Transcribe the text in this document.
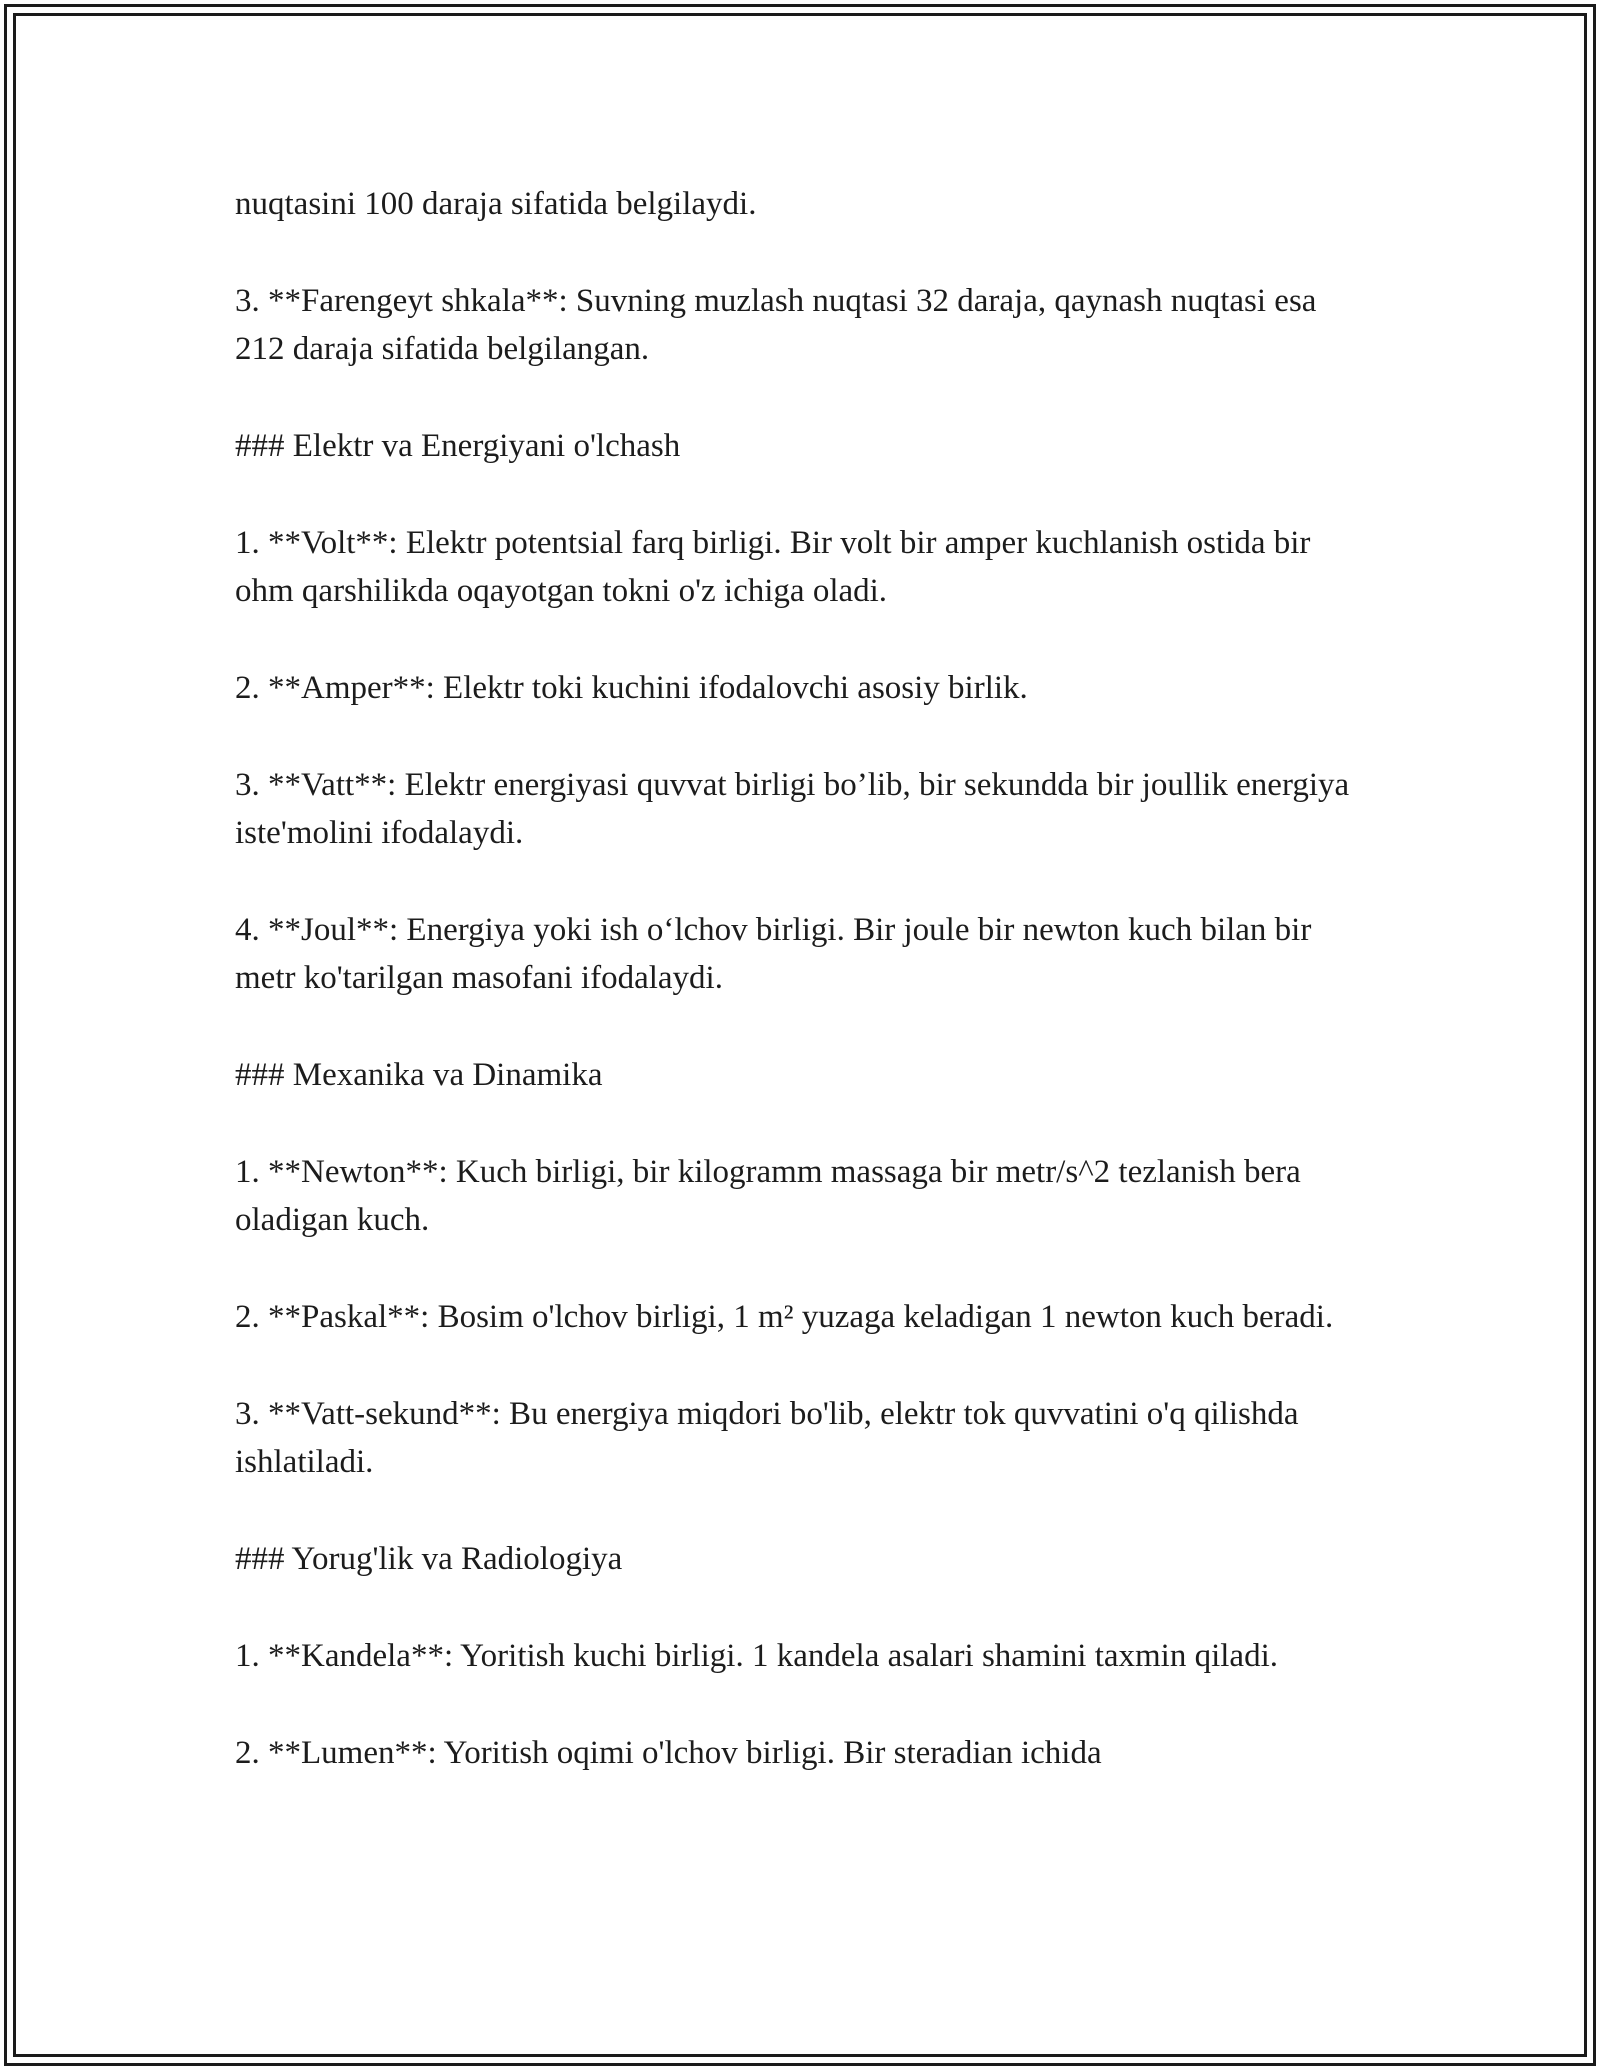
nuqtasini 100 daraja sifatida belgilaydi.

3. **Farengeyt shkala**: Suvning muzlash nuqtasi 32 daraja, qaynash nuqtasi esa 212 daraja sifatida belgilangan.

### Elektr va Energiyani o'lchash

1. **Volt**: Elektr potentsial farq birligi. Bir volt bir amper kuchlanish ostida bir ohm qarshilikda oqayotgan tokni o'z ichiga oladi.

2. **Amper**: Elektr toki kuchini ifodalovchi asosiy birlik.

3. **Vatt**: Elektr energiyasi quvvat birligi bo’lib, bir sekundda bir joullik energiya iste'molini ifodalaydi.

4. **Joul**: Energiya yoki ish o‘lchov birligi. Bir joule bir newton kuch bilan bir metr ko'tarilgan masofani ifodalaydi.

### Mexanika va Dinamika

1. **Newton**: Kuch birligi, bir kilogramm massaga bir metr/s^2 tezlanish bera oladigan kuch.

2. **Paskal**: Bosim o'lchov birligi, 1 m² yuzaga keladigan 1 newton kuch beradi.

3. **Vatt-sekund**: Bu energiya miqdori bo'lib, elektr tok quvvatini o'q qilishda ishlatiladi.

### Yorug'lik va Radiologiya

1. **Kandela**: Yoritish kuchi birligi. 1 kandela asalari shamini taxmin qiladi.

2. **Lumen**: Yoritish oqimi o'lchov birligi. Bir steradian ichida
